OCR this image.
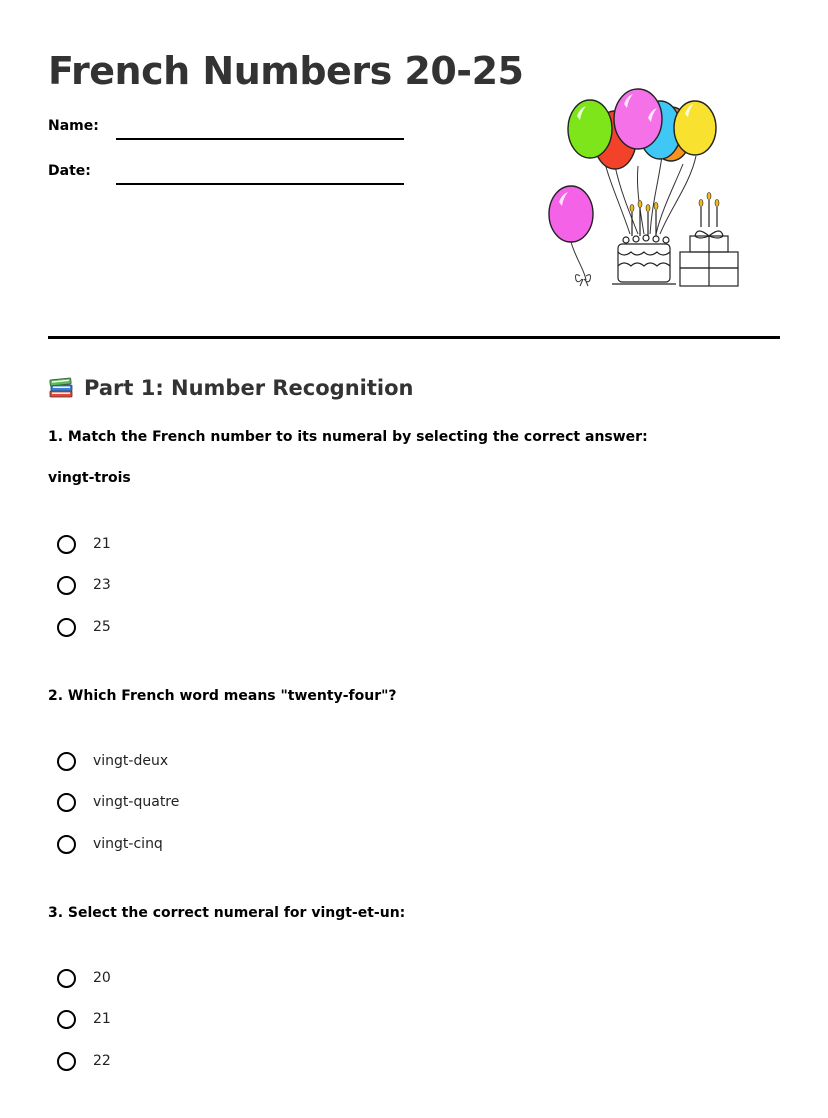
French Numbers 20-25
Name:
Date:
Part 1: Number Recognition
1. Match the French number to its numeral by selecting the correct answer:
vingt-trois
21
23
25
2. Which French word means "twenty-four"?
vingt-deux
vingt-quatre
vingt-cinq
3. Select the correct numeral for vingt-et-un:
20
21
22
